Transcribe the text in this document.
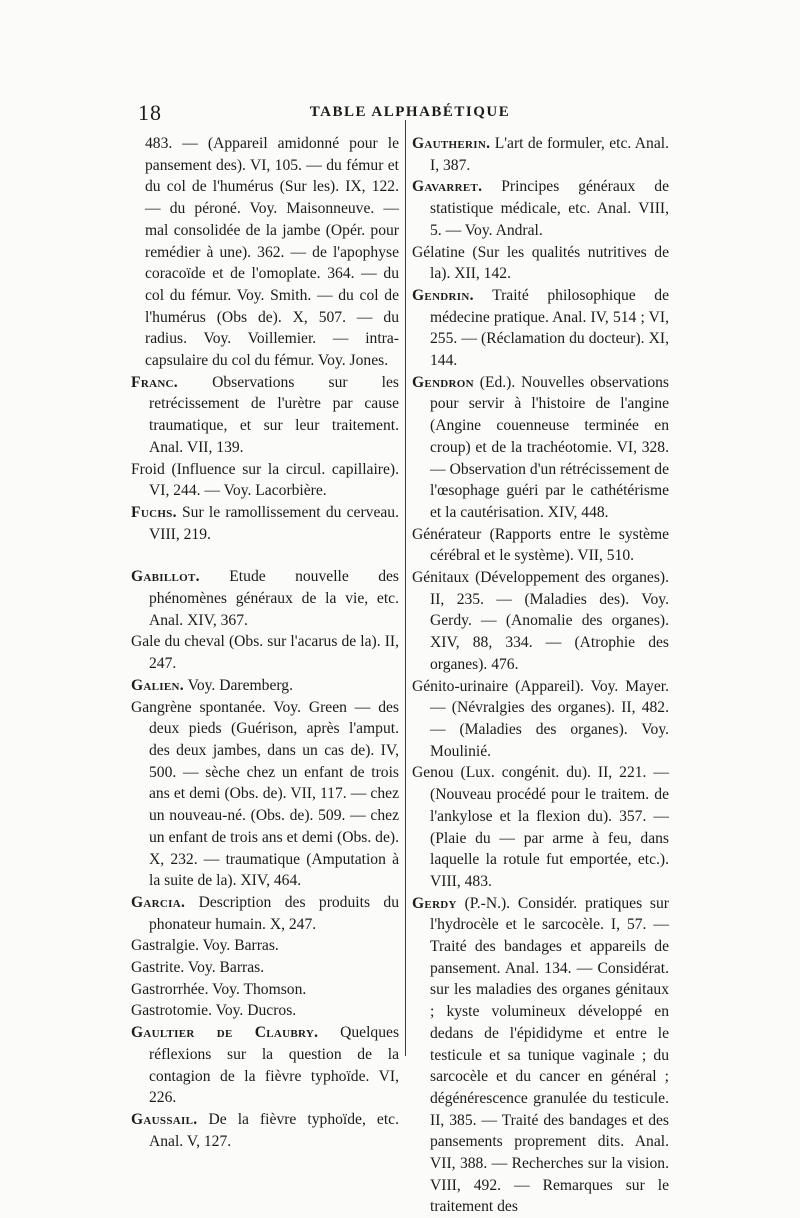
18	TABLE ALPHABÉTIQUE

483. — (Appareil amidonné pour le pansement des). VI, 105. — du fémur et du col de l'humérus (Sur les). IX, 122. — du péroné. Voy. Maisonneuve. — mal consolidée de la jambe (Opér. pour remédier à une). 362. — de l'apophyse coracoïde et de l'omoplate. 364. — du col du fémur. Voy. Smith. — du col de l'humérus (Obs de). X, 507. — du radius. Voy. Voillemier. — intra-capsulaire du col du fémur. Voy. Jones.

Franc. Observations sur les retrécissement de l'urètre par cause traumatique, et sur leur traitement. Anal. VII, 139.

Froid (Influence sur la circul. capillaire). VI, 244. — Voy. Lacorbière.

Fuchs. Sur le ramollissement du cerveau. VIII, 219.

Gabillot. Etude nouvelle des phénomènes généraux de la vie, etc. Anal. XIV, 367.

Gale du cheval (Obs. sur l'acarus de la). II, 247.

Galien. Voy. Daremberg.

Gangrène spontanée. Voy. Green — des deux pieds (Guérison, après l'amput. des deux jambes, dans un cas de). IV, 500. — sèche chez un enfant de trois ans et demi (Obs. de). VII, 117. — chez un nouveau-né. (Obs. de). 509. — chez un enfant de trois ans et demi (Obs. de). X, 232. — traumatique (Amputation à la suite de la). XIV, 464.

Garcia. Description des produits du phonateur humain. X, 247.

Gastralgie. Voy. Barras.

Gastrite. Voy. Barras.

Gastrorrhée. Voy. Thomson.

Gastrotomie. Voy. Ducros.

Gaultier de Claubry. Quelques réflexions sur la question de la contagion de la fièvre typhoïde. VI, 226.

Gaussail. De la fièvre typhoïde, etc. Anal. V, 127.

Gautherin. L'art de formuler, etc. Anal. I, 387.

Gavarret. Principes généraux de statistique médicale, etc. Anal. VIII, 5. — Voy. Andral.

Gélatine (Sur les qualités nutritives de la). XII, 142.

Gendrin. Traité philosophique de médecine pratique. Anal. IV, 514 ; VI, 255. — (Réclamation du docteur). XI, 144.

Gendron (Ed.). Nouvelles observations pour servir à l'histoire de l'angine (Angine couenneuse terminée en croup) et de la trachéotomie. VI, 328. — Observation d'un rétrécissement de l'œsophage guéri par le cathétérisme et la cautérisation. XIV, 448.

Générateur (Rapports entre le système cérébral et le système). VII, 510.

Génitaux (Développement des organes). II, 235. — (Maladies des). Voy. Gerdy. — (Anomalie des organes). XIV, 88, 334. — (Atrophie des organes). 476.

Génito-urinaire (Appareil). Voy. Mayer. — (Névralgies des organes). II, 482. — (Maladies des organes). Voy. Moulinié.

Genou (Lux. congénit. du). II, 221. — (Nouveau procédé pour le traitem. de l'ankylose et la flexion du). 357. — (Plaie du — par arme à feu, dans laquelle la rotule fut emportée, etc.). VIII, 483.

Gerdy (P.-N.). Considér. pratiques sur l'hydrocèle et le sarcocèle. I, 57. — Traité des bandages et appareils de pansement. Anal. 134. — Considérat. sur les maladies des organes génitaux ; kyste volumineux développé en dedans de l'épididyme et entre le testicule et sa tunique vaginale ; du sarcocèle et du cancer en général ; dégénérescence granulée du testicule. II, 385. — Traité des bandages et des pansements proprement dits. Anal. VII, 388. — Recherches sur la vision. VIII, 492. — Remarques sur le traitement des
